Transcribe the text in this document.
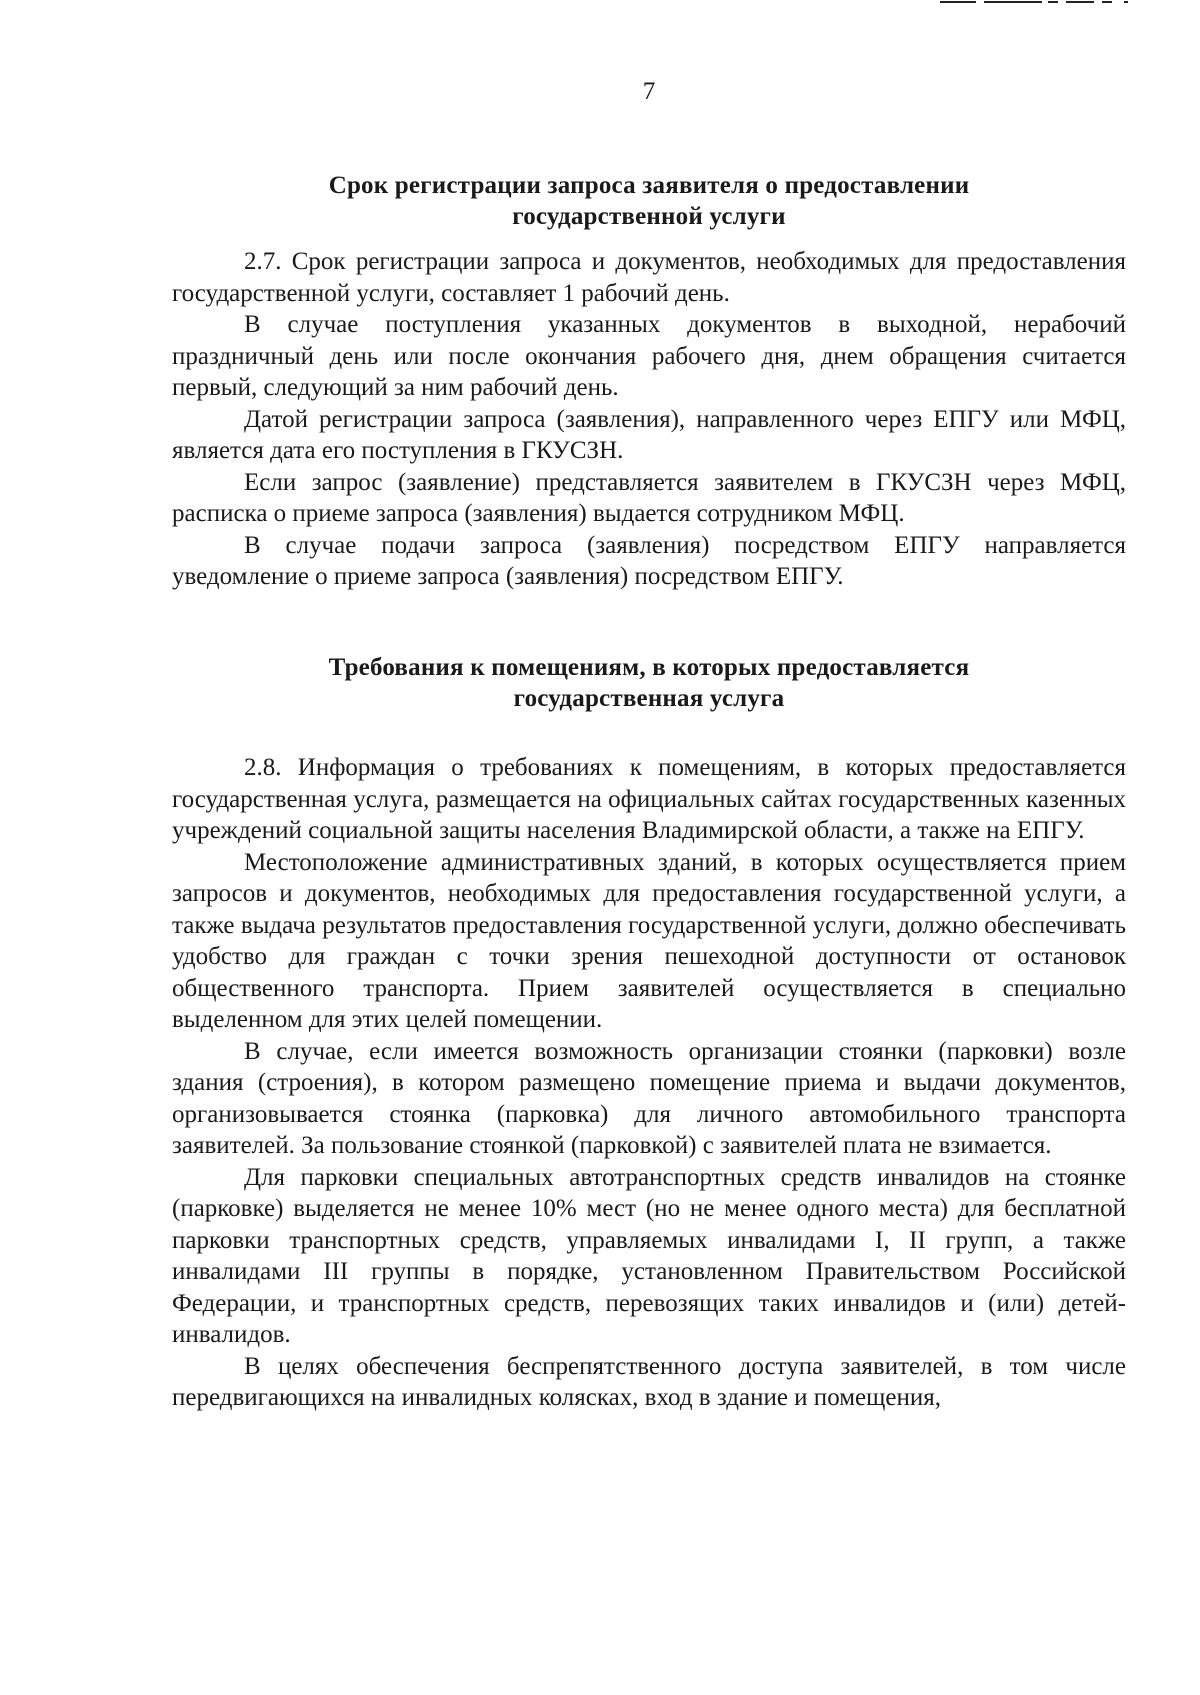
7
Срок регистрации запроса заявителя о предоставлении
государственной услуги

2.7. Срок регистрации запроса и документов, необходимых для предоставления государственной услуги, составляет 1 рабочий день.

В случае поступления указанных документов в выходной, нерабочий праздничный день или после окончания рабочего дня, днем обращения считается первый, следующий за ним рабочий день.

Датой регистрации запроса (заявления), направленного через ЕПГУ или МФЦ, является дата его поступления в ГКУСЗН.

Если запрос (заявление) представляется заявителем в ГКУСЗН через МФЦ, расписка о приеме запроса (заявления) выдается сотрудником МФЦ.

В случае подачи запроса (заявления) посредством ЕПГУ направляется уведомление о приеме запроса (заявления) посредством ЕПГУ.

Требования к помещениям, в которых предоставляется
государственная услуга

2.8. Информация о требованиях к помещениям, в которых предоставляется государственная услуга, размещается на официальных сайтах государственных казенных учреждений социальной защиты населения Владимирской области, а также на ЕПГУ.

Местоположение административных зданий, в которых осуществляется прием запросов и документов, необходимых для предоставления государственной услуги, а также выдача результатов предоставления государственной услуги, должно обеспечивать удобство для граждан с точки зрения пешеходной доступности от остановок общественного транспорта. Прием заявителей осуществляется в специально выделенном для этих целей помещении.

В случае, если имеется возможность организации стоянки (парковки) возле здания (строения), в котором размещено помещение приема и выдачи документов, организовывается стоянка (парковка) для личного автомобильного транспорта заявителей. За пользование стоянкой (парковкой) с заявителей плата не взимается.

Для парковки специальных автотранспортных средств инвалидов на стоянке (парковке) выделяется не менее 10% мест (но не менее одного места) для бесплатной парковки транспортных средств, управляемых инвалидами I, II групп, а также инвалидами III группы в порядке, установленном Правительством Российской Федерации, и транспортных средств, перевозящих таких инвалидов и (или) детей-инвалидов.

В целях обеспечения беспрепятственного доступа заявителей, в том числе передвигающихся на инвалидных колясках, вход в здание и помещения,
